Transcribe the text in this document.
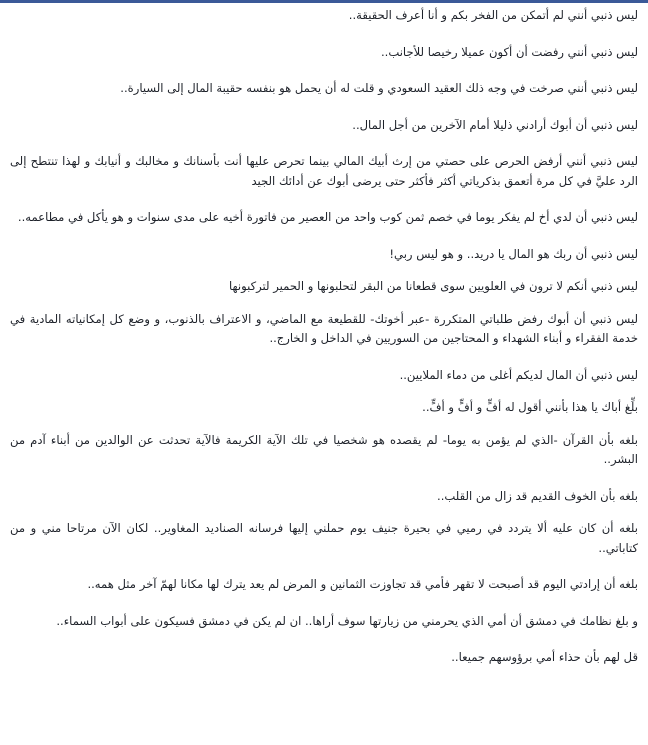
ليس ذنبي أنني لم أتمكن من الفخر بكم و أنا أعرف الحقيقة..

ليس ذنبي أنني رفضت أن أكون عميلا رخيصا للأجانب..

ليس ذنبي أنني صرخت في وجه ذلك العقيد السعودي و قلت له أن يحمل هو بنفسه حقيبة المال إلى السيارة..

ليس ذنبي أن أبوك أرادني ذليلا أمام الآخرين من أجل المال..

ليس ذنبي أنني أرفض الحرص على حصتي من إرث أبيك المالي بينما تحرص عليها أنت بأسنانك و مخالبك و أنيابك و لهذا تنتطح إلى الرد عليَّ في كل مرة أتعمق بذكرياتي أكثر فأكثر حتى يرضى أبوك عن أدائك الجيد

ليس ذنبي أن لدي أخ لم يفكر يوما في خصم ثمن كوب واحد من العصير من فاتورة أخيه على مدى سنوات و هو يأكل في مطاعمه..

ليس ذنبي أن ربك هو المال يا دريد.. و هو ليس ربي!

ليس ذنبي أنكم لا ترون في العلويين سوى قطعانا من البقر لتحلبونها و الحمير لتركبونها

ليس ذنبي أن أبوك رفض طلباتي المتكررة -عبر أخوتك- للقطيعة مع الماضي، و الاعتراف بالذنوب، و وضع كل إمكانياته المادية في خدمة الفقراء و أبناء الشهداء و المحتاجين من السوريين في الداخل و الخارج..

ليس ذنبي أن المال لديكم أغلى من دماء الملايين..

بلِّغ أباك يا هذا بأنني أقول له أفٍّ و أفٍّ و أفٍّ..

بلغه بأن القرآن -الذي لم يؤمن به يوما- لم يقصده هو شخصيا في تلك الآية الكريمة فالآية تحدثت عن الوالدين من أبناء آدم من البشر..

بلغه بأن الخوف القديم قد زال من القلب..

بلغه أن كان عليه ألا يتردد في رميي في بحيرة جنيف يوم حملني إليها فرسانه الصناديد المغاوير.. لكان الآن مرتاحا مني و من كتاباتي..

بلغه أن إرادتي اليوم قد أصبحت لا تقهر فأمي قد تجاوزت الثمانين و المرض لم يعد يترك لها مكانا لهمّ آخر مثل همه..

و بلغ نظامك في دمشق أن أمي الذي يحرمني من زيارتها سوف أراها.. ان لم يكن في دمشق فسيكون على أبواب السماء..

قل لهم بأن حذاء أمي برؤوسهم جميعا..
